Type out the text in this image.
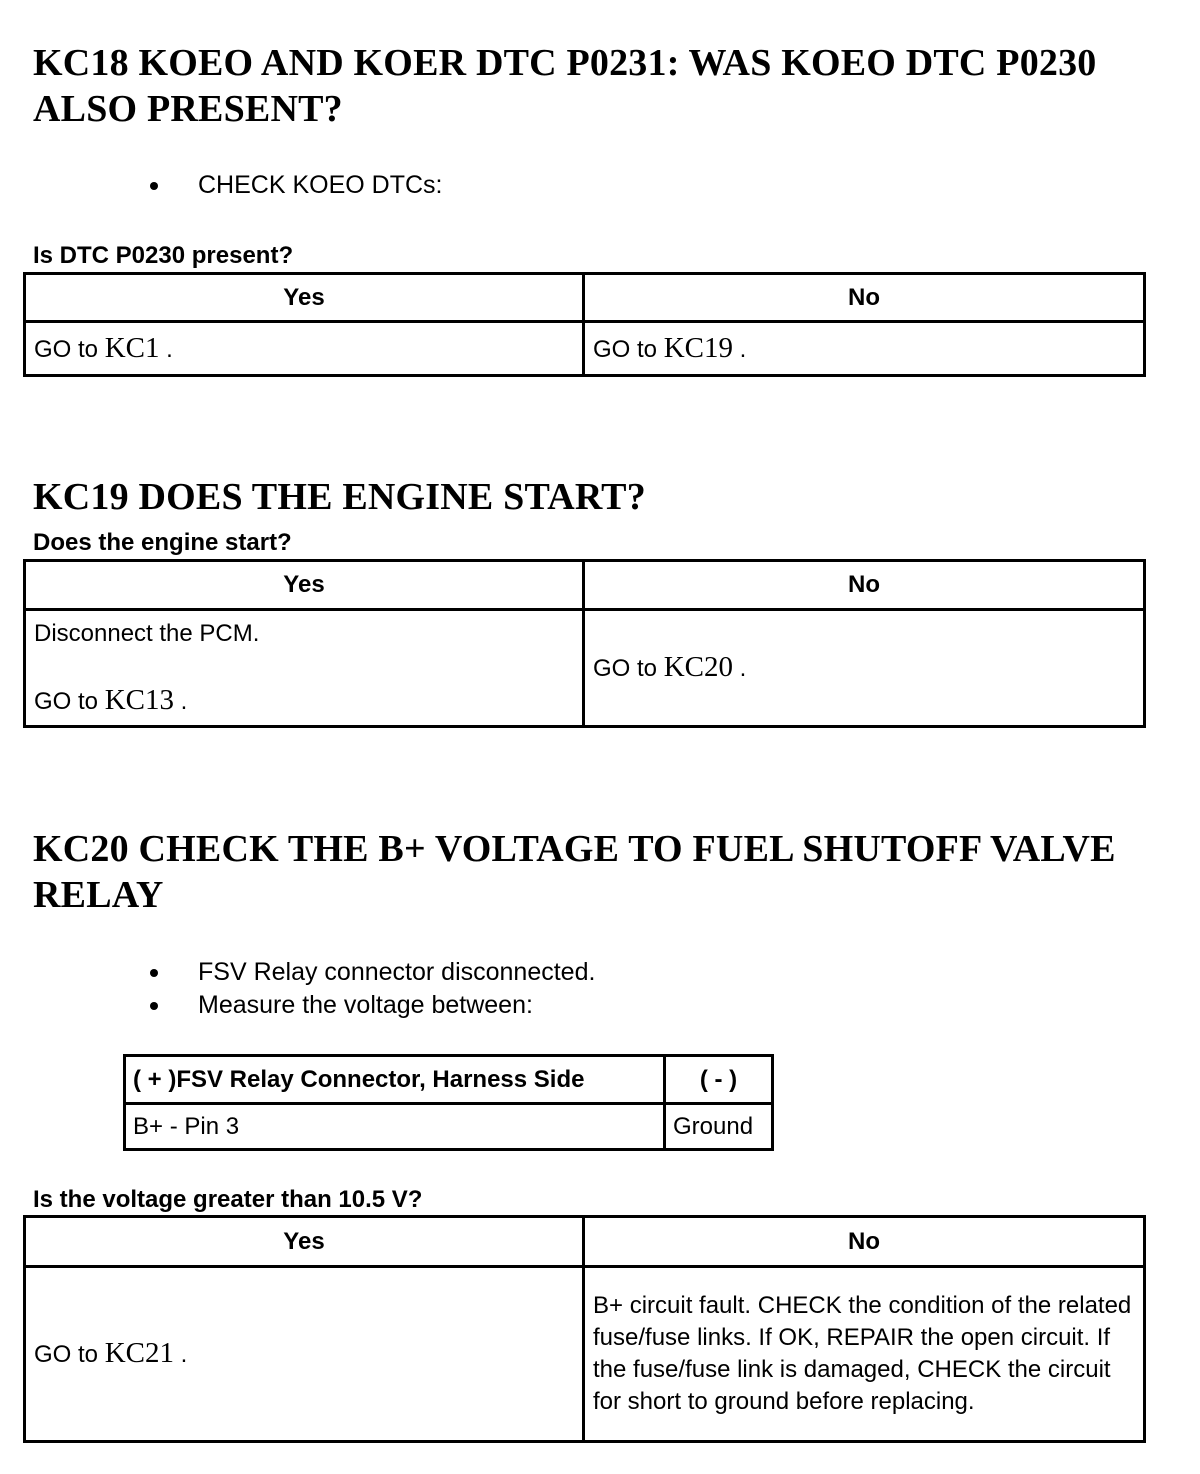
KC18 KOEO AND KOER DTC P0231: WAS KOEO DTC P0230 ALSO PRESENT?
CHECK KOEO DTCs:
Is DTC P0230 present?
Yes	No
GO to KC1 .	GO to KC19 .
KC19 DOES THE ENGINE START?
Does the engine start?
Yes	No
Disconnect the PCM.
GO to KC13 .	GO to KC20 .
KC20 CHECK THE B+ VOLTAGE TO FUEL SHUTOFF VALVE RELAY
FSV Relay connector disconnected.
Measure the voltage between:
( + )FSV Relay Connector, Harness Side	( - )
B+ - Pin 3	Ground
Is the voltage greater than 10.5 V?
Yes	No
GO to KC21 .	B+ circuit fault. CHECK the condition of the related fuse/fuse links. If OK, REPAIR the open circuit. If the fuse/fuse link is damaged, CHECK the circuit for short to ground before replacing.
